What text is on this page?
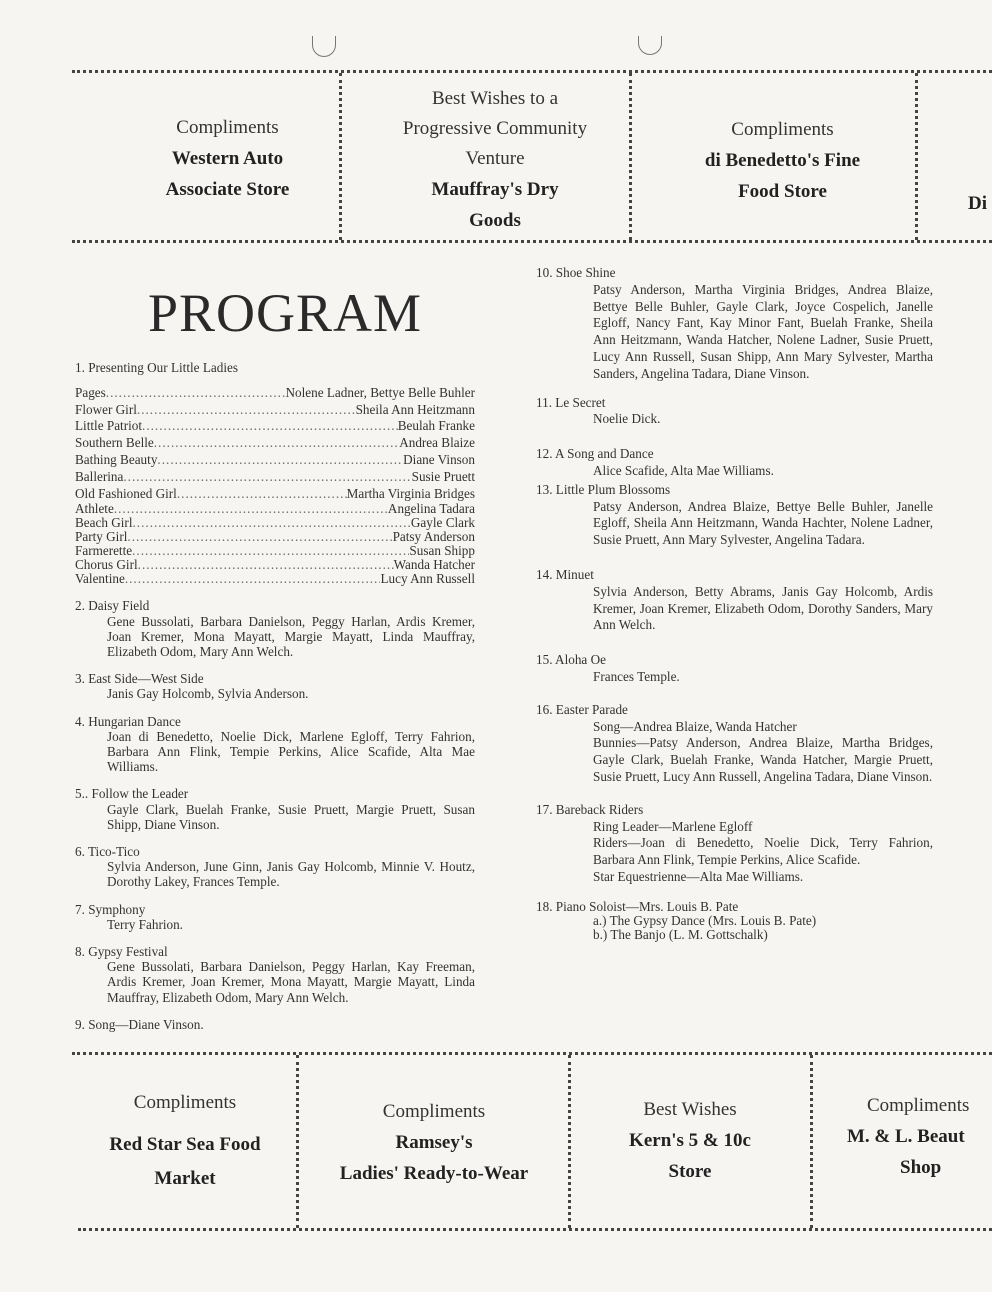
Compliments
Western Auto
Associate Store
Best Wishes to a
Progressive Community
Venture
Mauffray's Dry
Goods
Compliments
di Benedetto's Fine
Food Store
Di
PROGRAM
1. Presenting Our Little Ladies
Pages .....	Nolene Ladner, Bettye Belle Buhler
Flower Girl .....	Sheila Ann Heitzmann
Little Patriot .....	Beulah Franke
Southern Belle .....	Andrea Blaize
Bathing Beauty .....	Diane Vinson
Ballerina .....	Susie Pruett
Old Fashioned Girl .....	Martha Virginia Bridges
Athlete .....	Angelina Tadara
Beach Girl .....	Gayle Clark
Party Girl .....	Patsy Anderson
Farmerette .....	Susan Shipp
Chorus Girl .....	Wanda Hatcher
Valentine .....	Lucy Ann Russell
2. Daisy Field
Gene Bussolati, Barbara Danielson, Peggy Harlan, Ardis Kremer, Joan Kremer, Mona Mayatt, Margie Mayatt, Linda Mauffray, Elizabeth Odom, Mary Ann Welch.
3. East Side—West Side
Janis Gay Holcomb, Sylvia Anderson.
4. Hungarian Dance
Joan di Benedetto, Noelie Dick, Marlene Egloff, Terry Fahrion, Barbara Ann Flink, Tempie Perkins, Alice Scafide, Alta Mae Williams.
5.. Follow the Leader
Gayle Clark, Buelah Franke, Susie Pruett, Margie Pruett, Susan Shipp, Diane Vinson.
6. Tico-Tico
Sylvia Anderson, June Ginn, Janis Gay Holcomb, Minnie V. Houtz, Dorothy Lakey, Frances Temple.
7. Symphony
Terry Fahrion.
8. Gypsy Festival
Gene Bussolati, Barbara Danielson, Peggy Harlan, Kay Freeman, Ardis Kremer, Joan Kremer, Mona Mayatt, Margie Mayatt, Linda Mauffray, Elizabeth Odom, Mary Ann Welch.
9. Song—Diane Vinson.
10. Shoe Shine
Patsy Anderson, Martha Virginia Bridges, Andrea Blaize, Bettye Belle Buhler, Gayle Clark, Joyce Cospelich, Janelle Egloff, Nancy Fant, Kay Minor Fant, Buelah Franke, Sheila Ann Heitzmann, Wanda Hatcher, Nolene Ladner, Susie Pruett, Lucy Ann Russell, Susan Shipp, Ann Mary Sylvester, Martha Sanders, Angelina Tadara, Diane Vinson.
11. Le Secret
Noelie Dick.
12. A Song and Dance
Alice Scafide, Alta Mae Williams.
13. Little Plum Blossoms
Patsy Anderson, Andrea Blaize, Bettye Belle Buhler, Janelle Egloff, Sheila Ann Heitzmann, Wanda Hachter, Nolene Ladner, Susie Pruett, Ann Mary Sylvester, Angelina Tadara.
14. Minuet
Sylvia Anderson, Betty Abrams, Janis Gay Holcomb, Ardis Kremer, Joan Kremer, Elizabeth Odom, Dorothy Sanders, Mary Ann Welch.
15. Aloha Oe
Frances Temple.
16. Easter Parade
Song—Andrea Blaize, Wanda Hatcher
Bunnies—Patsy Anderson, Andrea Blaize, Martha Bridges, Gayle Clark, Buelah Franke, Wanda Hatcher, Margie Pruett, Susie Pruett, Lucy Ann Russell, Angelina Tadara, Diane Vinson.
17. Bareback Riders
Ring Leader—Marlene Egloff
Riders—Joan di Benedetto, Noelie Dick, Terry Fahrion, Barbara Ann Flink, Tempie Perkins, Alice Scafide.
Star Equestrienne—Alta Mae Williams.
18. Piano Soloist—Mrs. Louis B. Pate
a.) The Gypsy Dance (Mrs. Louis B. Pate)
b.) The Banjo (L. M. Gottschalk)
Compliments
Red Star Sea Food
Market
Compliments
Ramsey's
Ladies' Ready-to-Wear
Best Wishes
Kern's 5 & 10c
Store
Compliments
M. & L. Beaut
Shop
